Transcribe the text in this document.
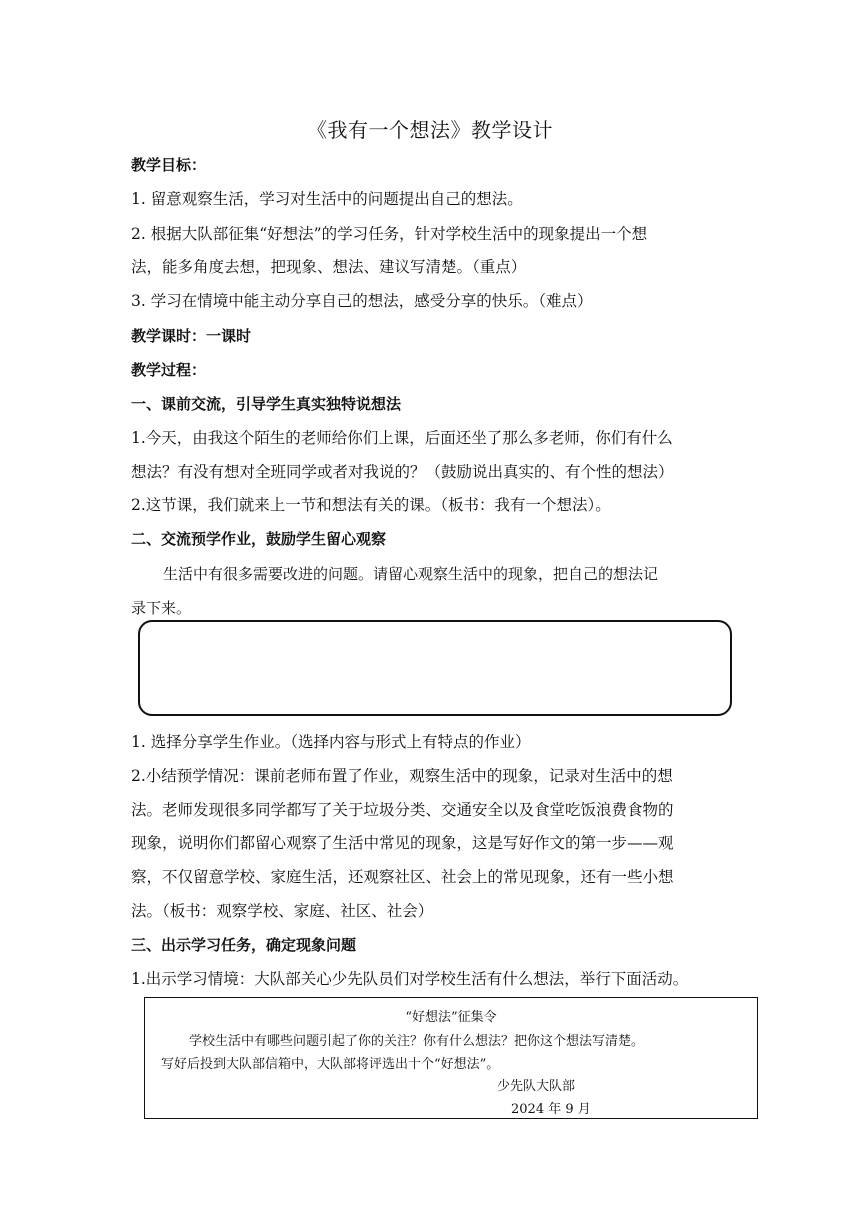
《我有一个想法》教学设计
教学目标：
1. 留意观察生活，学习对生活中的问题提出自己的想法。
2. 根据大队部征集“好想法”的学习任务，针对学校生活中的现象提出一个想
法，能多角度去想，把现象、想法、建议写清楚。（重点）
3. 学习在情境中能主动分享自己的想法，感受分享的快乐。（难点）
教学课时：一课时
教学过程：
一、课前交流，引导学生真实独特说想法
1.今天，由我这个陌生的老师给你们上课，后面还坐了那么多老师，你们有什么
想法？有没有想对全班同学或者对我说的？（鼓励说出真实的、有个性的想法）
2.这节课，我们就来上一节和想法有关的课。（板书：我有一个想法）。
二、交流预学作业，鼓励学生留心观察
生活中有很多需要改进的问题。请留心观察生活中的现象，把自己的想法记
录下来。
1. 选择分享学生作业。（选择内容与形式上有特点的作业）
2.小结预学情况：课前老师布置了作业，观察生活中的现象，记录对生活中的想
法。老师发现很多同学都写了关于垃圾分类、交通安全以及食堂吃饭浪费食物的
现象，说明你们都留心观察了生活中常见的现象，这是写好作文的第一步——观
察，不仅留意学校、家庭生活，还观察社区、社会上的常见现象，还有一些小想
法。（板书：观察学校、家庭、社区、社会）
三、出示学习任务，确定现象问题
1.出示学习情境：大队部关心少先队员们对学校生活有什么想法，举行下面活动。
“好想法”征集令
学校生活中有哪些问题引起了你的关注？你有什么想法？把你这个想法写清楚。
写好后投到大队部信箱中，大队部将评选出十个“好想法”。
少先队大队部
2024 年 9 月
